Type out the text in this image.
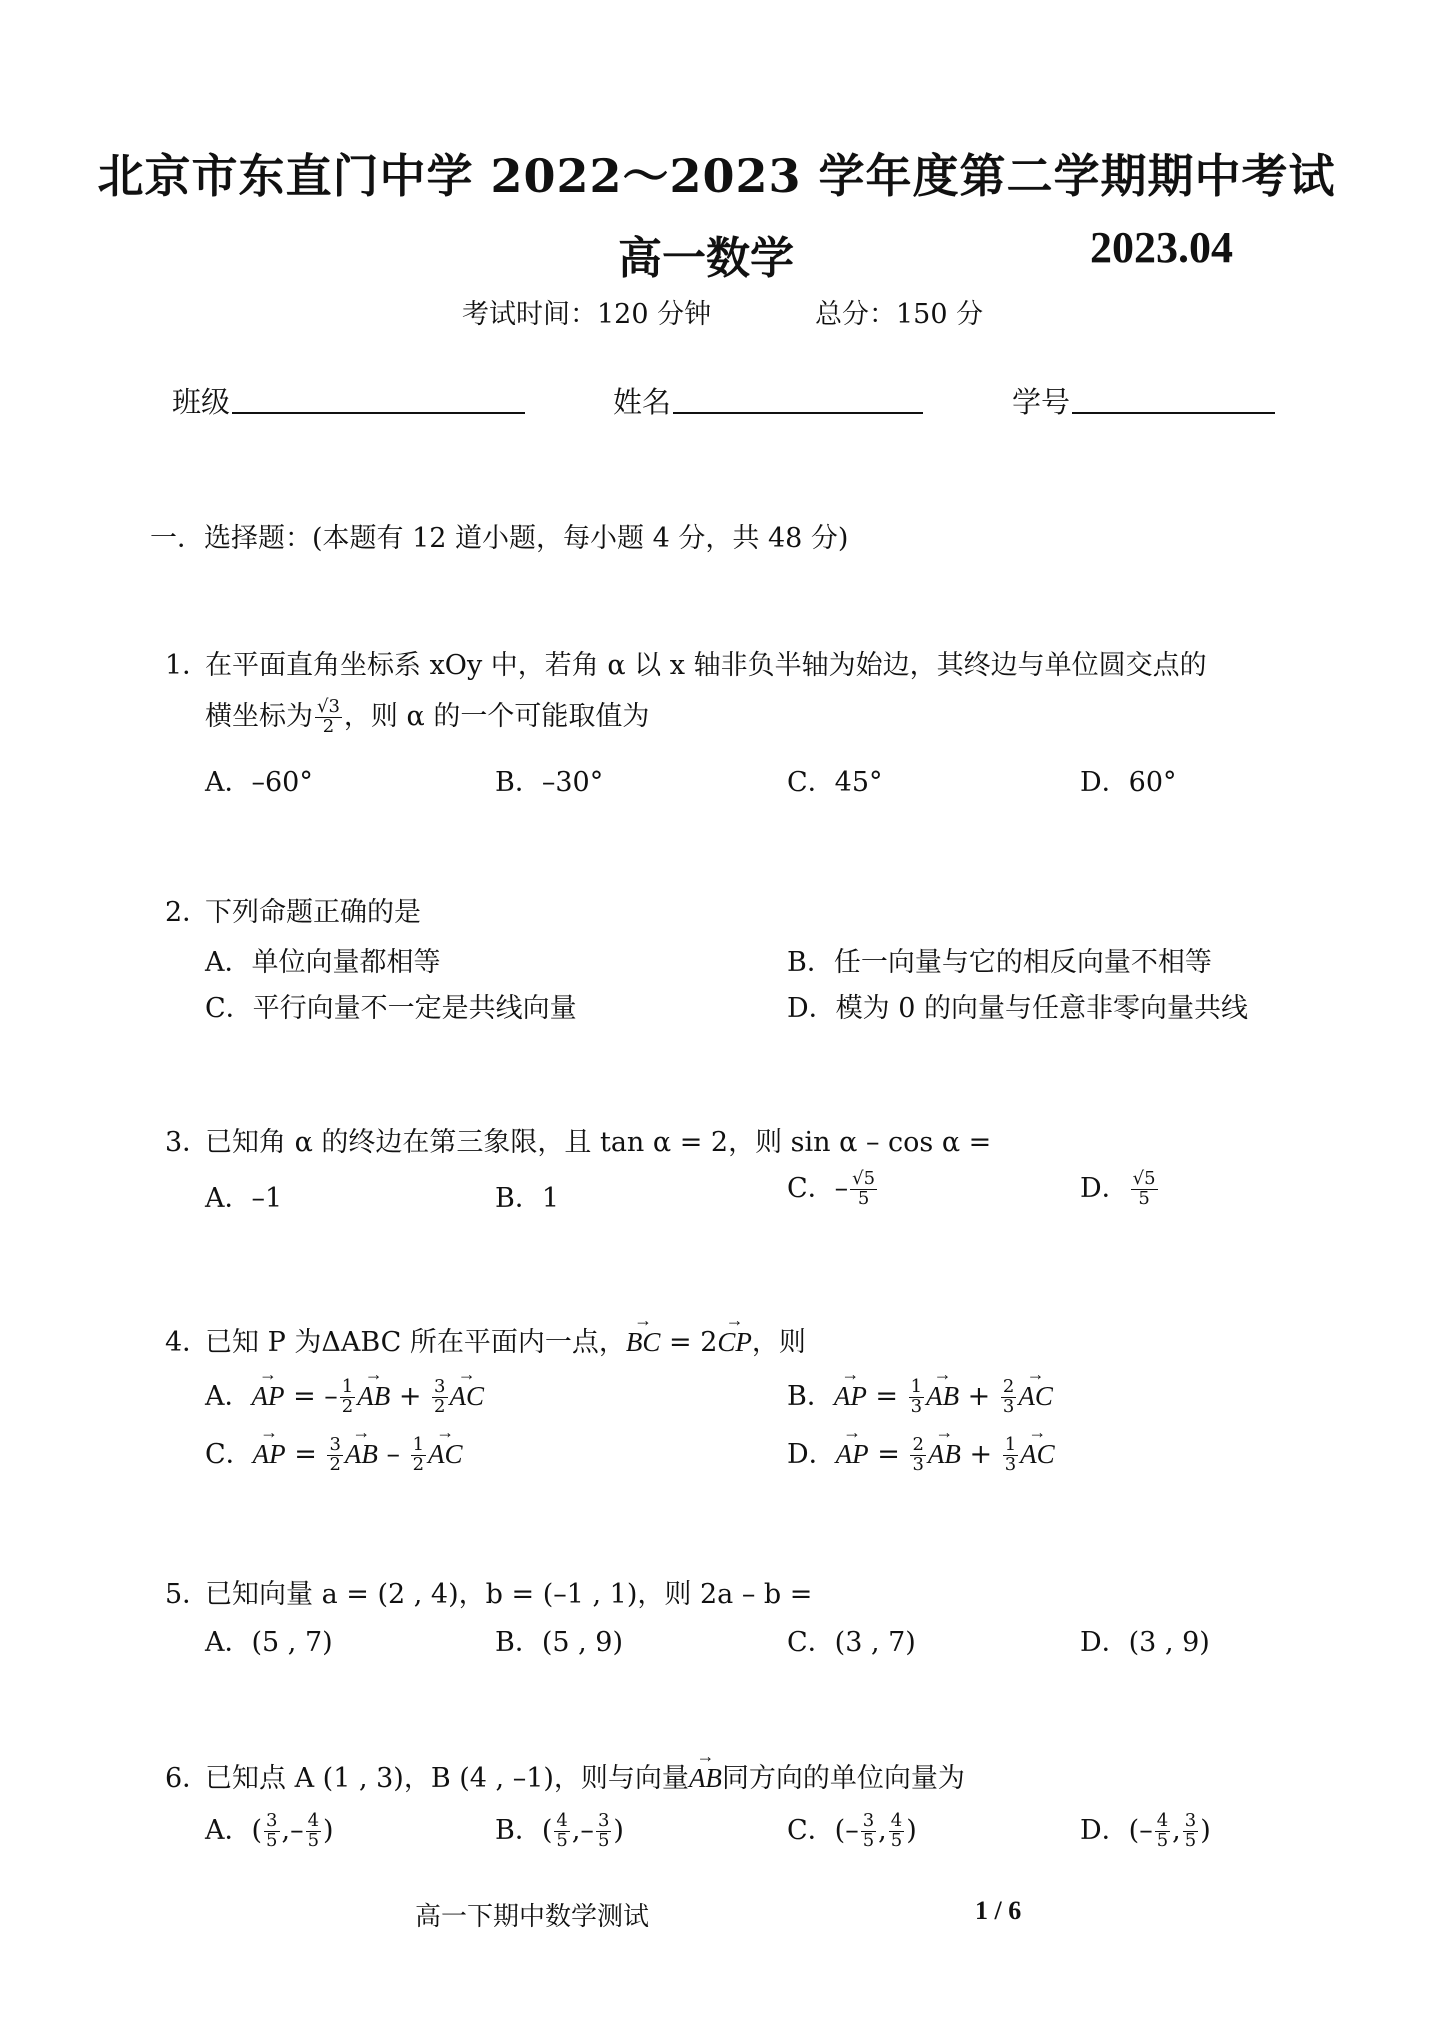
北京市东直门中学 2022～2023 学年度第二学期期中考试
高一数学	2023.04
考试时间：120 分钟	总分：150 分
班级	姓名	学号
一．选择题：(本题有 12 道小题，每小题 4 分，共 48 分)
1．在平面直角坐标系 xOy 中，若角 α 以 x 轴非负半轴为始边，其终边与单位圆交点的
横坐标为 $\frac{√3}{2}$ ，则 α 的一个可能取值为
A．–60°	B．–30°	C．45°	D．60°
2．下列命题正确的是
A．单位向量都相等	B．任一向量与它的相反向量不相等
C．平行向量不一定是共线向量	D．模为 0 的向量与任意非零向量共线
3．已知角 α 的终边在第三象限，且 tan α = 2，则 sin α – cos α =
A．–1	B．1	C．– $\frac{√5}{5}$	D． $\frac{√5}{5}$
4．已知 P 为ΔABC 所在平面内一点，→ BC = 2→ CP，则
A．→ AP = – $\frac{1}{2}$ → AB + $\frac{3}{2}$ → AC	B．→ AP = $\frac{1}{3}$ → AB + $\frac{2}{3}$ → AC
C．→ AP = $\frac{3}{2}$ → AB – $\frac{1}{2}$ → AC	D．→ AP = $\frac{2}{3}$ → AB + $\frac{1}{3}$ → AC
5．已知向量 a = (2 , 4)，b = (–1 , 1)，则 2a – b =
A．(5 , 7)	B．(5 , 9)	C．(3 , 7)	D．(3 , 9)
6．已知点 A (1 , 3)，B (4 , –1)，则与向量→ AB同方向的单位向量为
A．( $\frac{3}{5}$ ,– $\frac{4}{5}$ )	B．( $\frac{4}{5}$ ,– $\frac{3}{5}$ )	C．(– $\frac{3}{5}$ , $\frac{4}{5}$ )	D．(– $\frac{4}{5}$ , $\frac{3}{5}$ )
高一下期中数学测试	1 / 6
